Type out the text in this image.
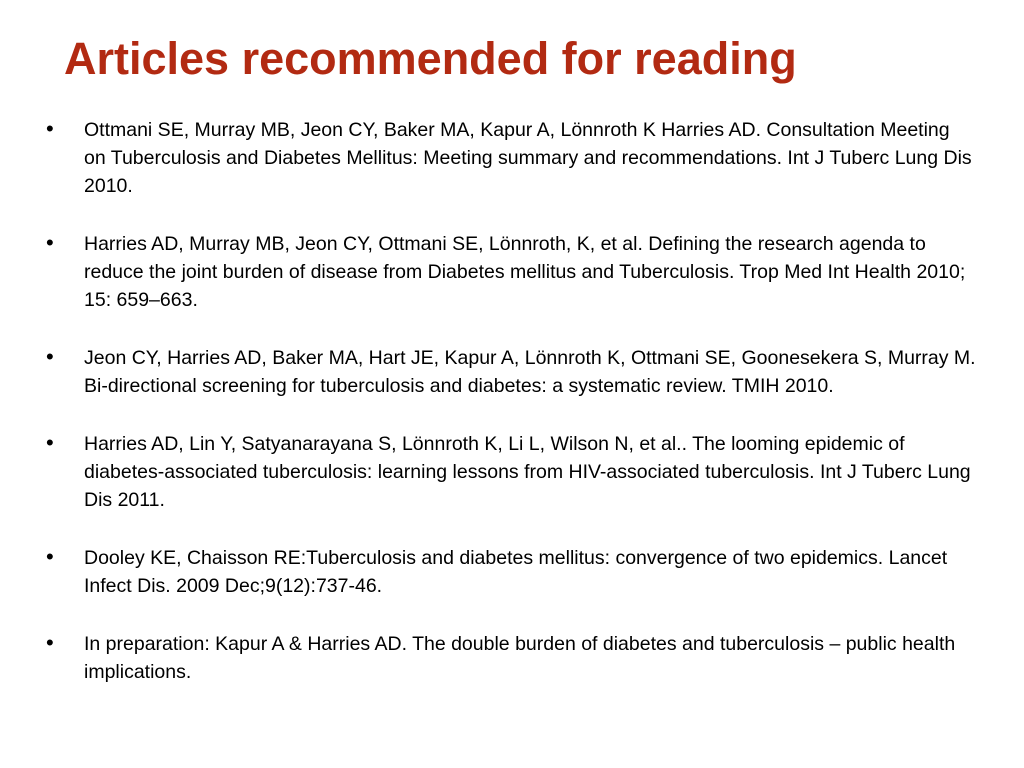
Articles recommended for reading
• Ottmani SE, Murray MB, Jeon CY, Baker MA, Kapur A, Lönnroth K Harries AD. Consultation Meeting on Tuberculosis and Diabetes Mellitus: Meeting summary and recommendations. Int J Tuberc Lung Dis 2010.
• Harries AD, Murray MB, Jeon CY, Ottmani SE, Lönnroth, K, et al. Defining the research agenda to reduce the joint burden of disease from Diabetes mellitus and Tuberculosis. Trop Med Int Health 2010; 15: 659–663.
• Jeon CY, Harries AD, Baker MA, Hart JE, Kapur A, Lönnroth K, Ottmani SE, Goonesekera S, Murray M. Bi-directional screening for tuberculosis and diabetes: a systematic review. TMIH 2010.
• Harries AD, Lin Y, Satyanarayana S, Lönnroth K, Li L, Wilson N, et al.. The looming epidemic of diabetes-associated tuberculosis: learning lessons from HIV-associated tuberculosis. Int J Tuberc Lung Dis 2011.
• Dooley KE, Chaisson RE:Tuberculosis and diabetes mellitus: convergence of two epidemics. Lancet Infect Dis. 2009 Dec;9(12):737-46.
• In preparation: Kapur A & Harries AD. The double burden of diabetes and tuberculosis – public health implications.
